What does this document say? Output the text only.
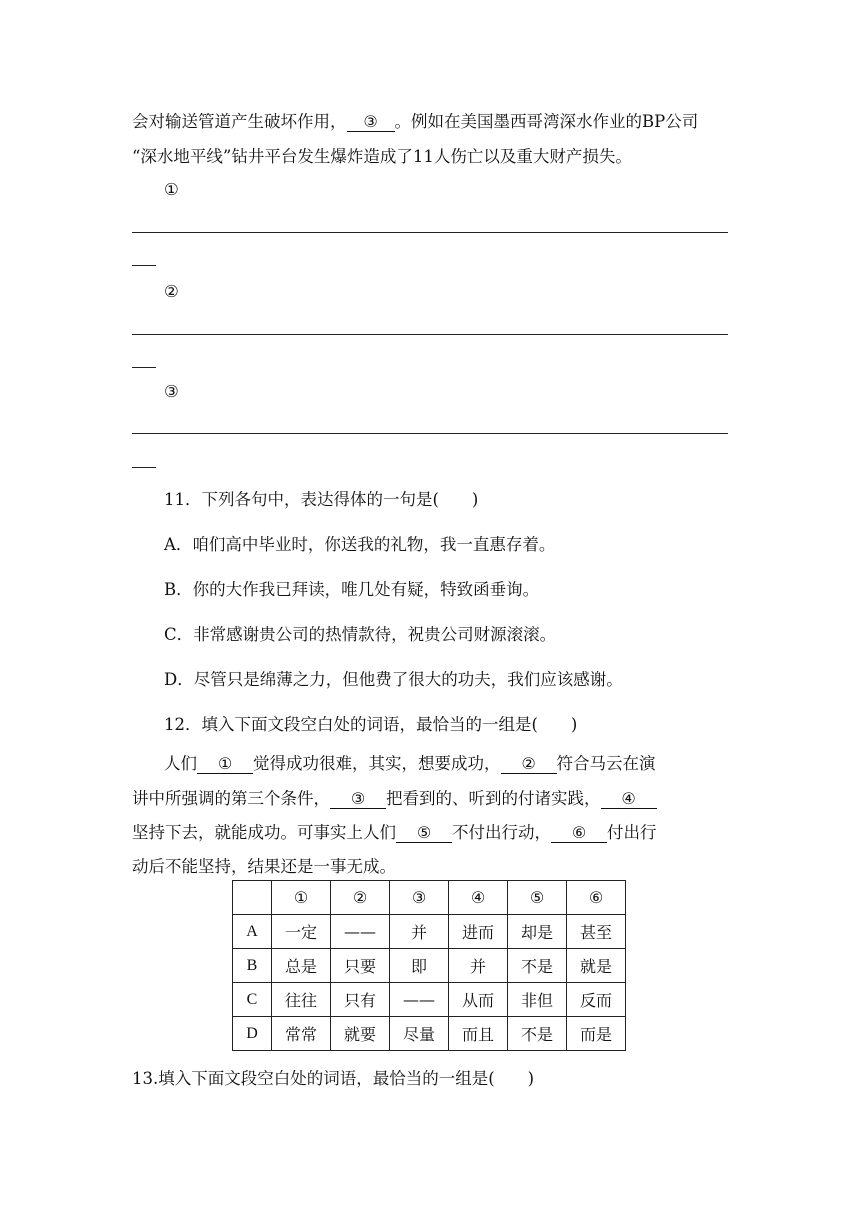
会对输送管道产生破坏作用， ③ 。例如在美国墨西哥湾深水作业的BP公司
“深水地平线”钻井平台发生爆炸造成了11人伤亡以及重大财产损失。
①
②
③
11．下列各句中，表达得体的一句是(　　)
A．咱们高中毕业时，你送我的礼物，我一直惠存着。
B．你的大作我已拜读，唯几处有疑，特致函垂询。
C．非常感谢贵公司的热情款待，祝贵公司财源滚滚。
D．尽管只是绵薄之力，但他费了很大的功夫，我们应该感谢。
12．填入下面文段空白处的词语，最恰当的一组是(　　)
人们 ① 觉得成功很难，其实，想要成功， ② 符合马云在演
讲中所强调的第三个条件， ③ 把看到的、听到的付诸实践， ④
坚持下去，就能成功。可事实上人们 ⑤ 不付出行动， ⑥ 付出行
动后不能坚持，结果还是一事无成。
	①	②	③	④	⑤	⑥
A	一定	——	并	进而	却是	甚至
B	总是	只要	即	并	不是	就是
C	往往	只有	——	从而	非但	反而
D	常常	就要	尽量	而且	不是	而是
13.填入下面文段空白处的词语，最恰当的一组是(　　)
